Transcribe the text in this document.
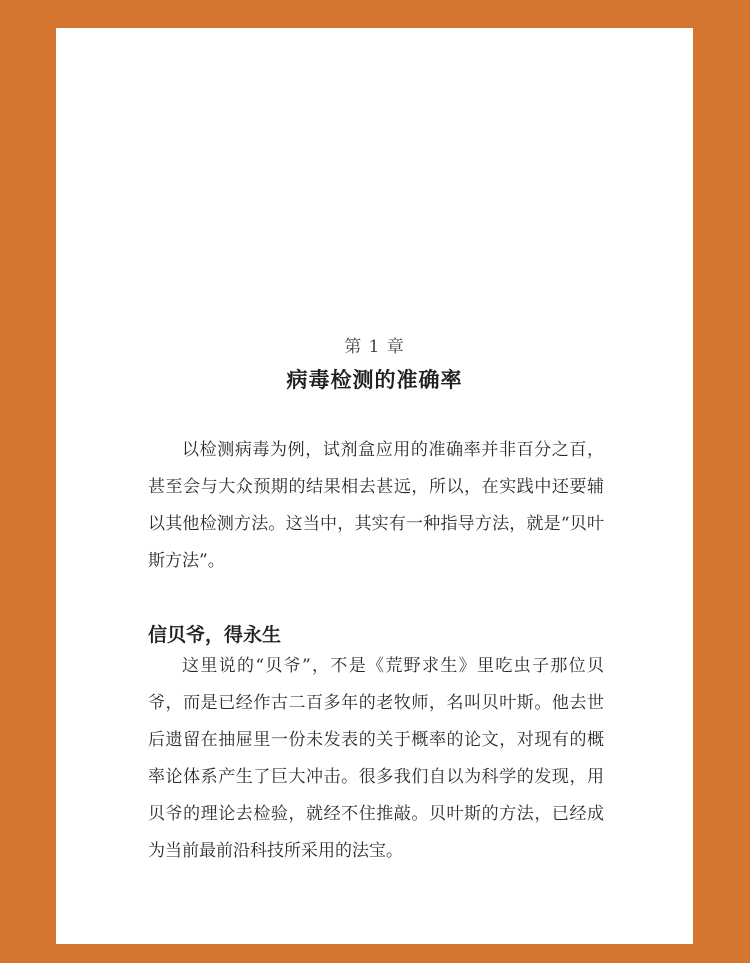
第 1 章
病毒检测的准确率

以检测病毒为例，试剂盒应用的准确率并非百分之百，甚至会与大众预期的结果相去甚远，所以，在实践中还要辅以其他检测方法。这当中，其实有一种指导方法，就是“贝叶斯方法”。

信贝爷，得永生

这里说的“贝爷”，不是《荒野求生》里吃虫子那位贝爷，而是已经作古二百多年的老牧师，名叫贝叶斯。他去世后遗留在抽屉里一份未发表的关于概率的论文，对现有的概率论体系产生了巨大冲击。很多我们自以为科学的发现，用贝爷的理论去检验，就经不住推敲。贝叶斯的方法，已经成为当前最前沿科技所采用的法宝。
